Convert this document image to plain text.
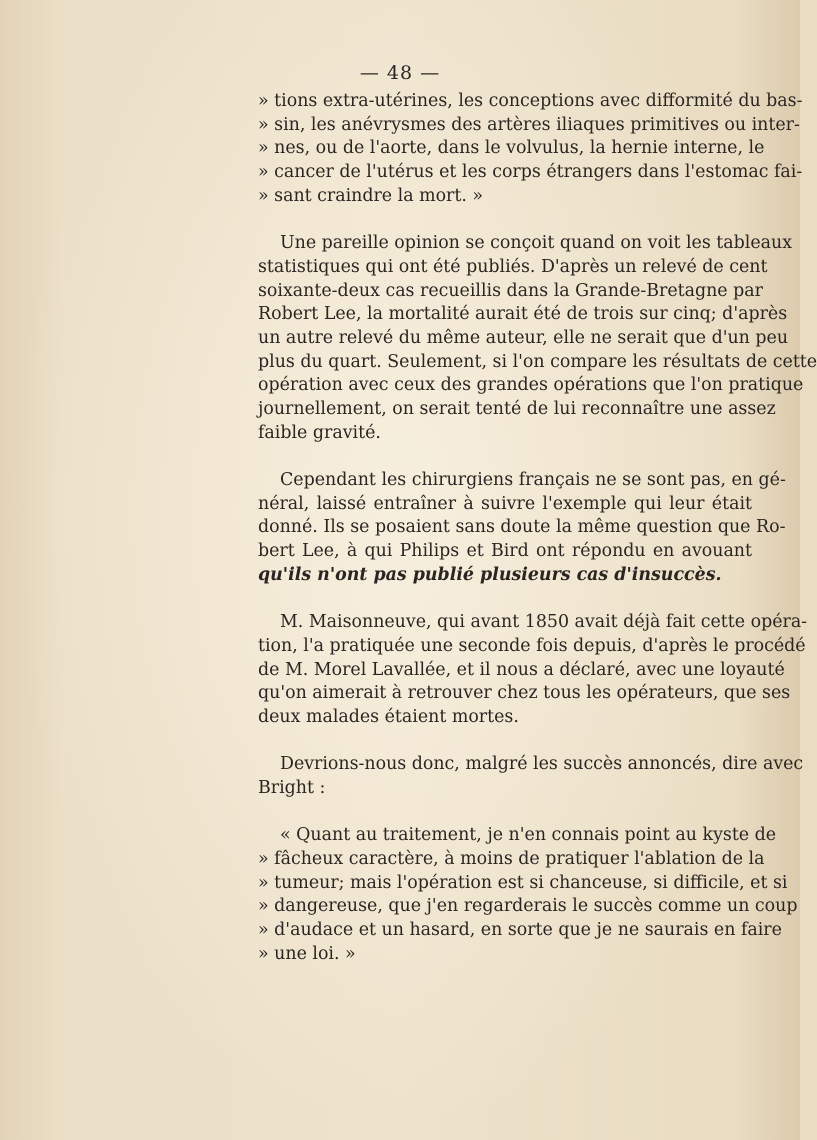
— 48 —
» tions extra-utérines, les conceptions avec difformité du bas-
» sin, les anévrysmes des artères iliaques primitives ou inter-
» nes, ou de l'aorte, dans le volvulus, la hernie interne, le
» cancer de l'utérus et les corps étrangers dans l'estomac fai-
» sant craindre la mort. »
Une pareille opinion se conçoit quand on voit les tableaux
statistiques qui ont été publiés. D'après un relevé de cent
soixante-deux cas recueillis dans la Grande-Bretagne par
Robert Lee, la mortalité aurait été de trois sur cinq; d'après
un autre relevé du même auteur, elle ne serait que d'un peu
plus du quart. Seulement, si l'on compare les résultats de cette
opération avec ceux des grandes opérations que l'on pratique
journellement, on serait tenté de lui reconnaître une assez
faible gravité.
Cependant les chirurgiens français ne se sont pas, en gé-
néral, laissé entraîner à suivre l'exemple qui leur était
donné. Ils se posaient sans doute la même question que Ro-
bert Lee, à qui Philips et Bird ont répondu en avouant
qu'ils n'ont pas publié plusieurs cas d'insuccès.
M. Maisonneuve, qui avant 1850 avait déjà fait cette opéra-
tion, l'a pratiquée une seconde fois depuis, d'après le procédé
de M. Morel Lavallée, et il nous a déclaré, avec une loyauté
qu'on aimerait à retrouver chez tous les opérateurs, que ses
deux malades étaient mortes.
Devrions-nous donc, malgré les succès annoncés, dire avec
Bright :
« Quant au traitement, je n'en connais point au kyste de
» fâcheux caractère, à moins de pratiquer l'ablation de la
» tumeur; mais l'opération est si chanceuse, si difficile, et si
» dangereuse, que j'en regarderais le succès comme un coup
» d'audace et un hasard, en sorte que je ne saurais en faire
» une loi. »
